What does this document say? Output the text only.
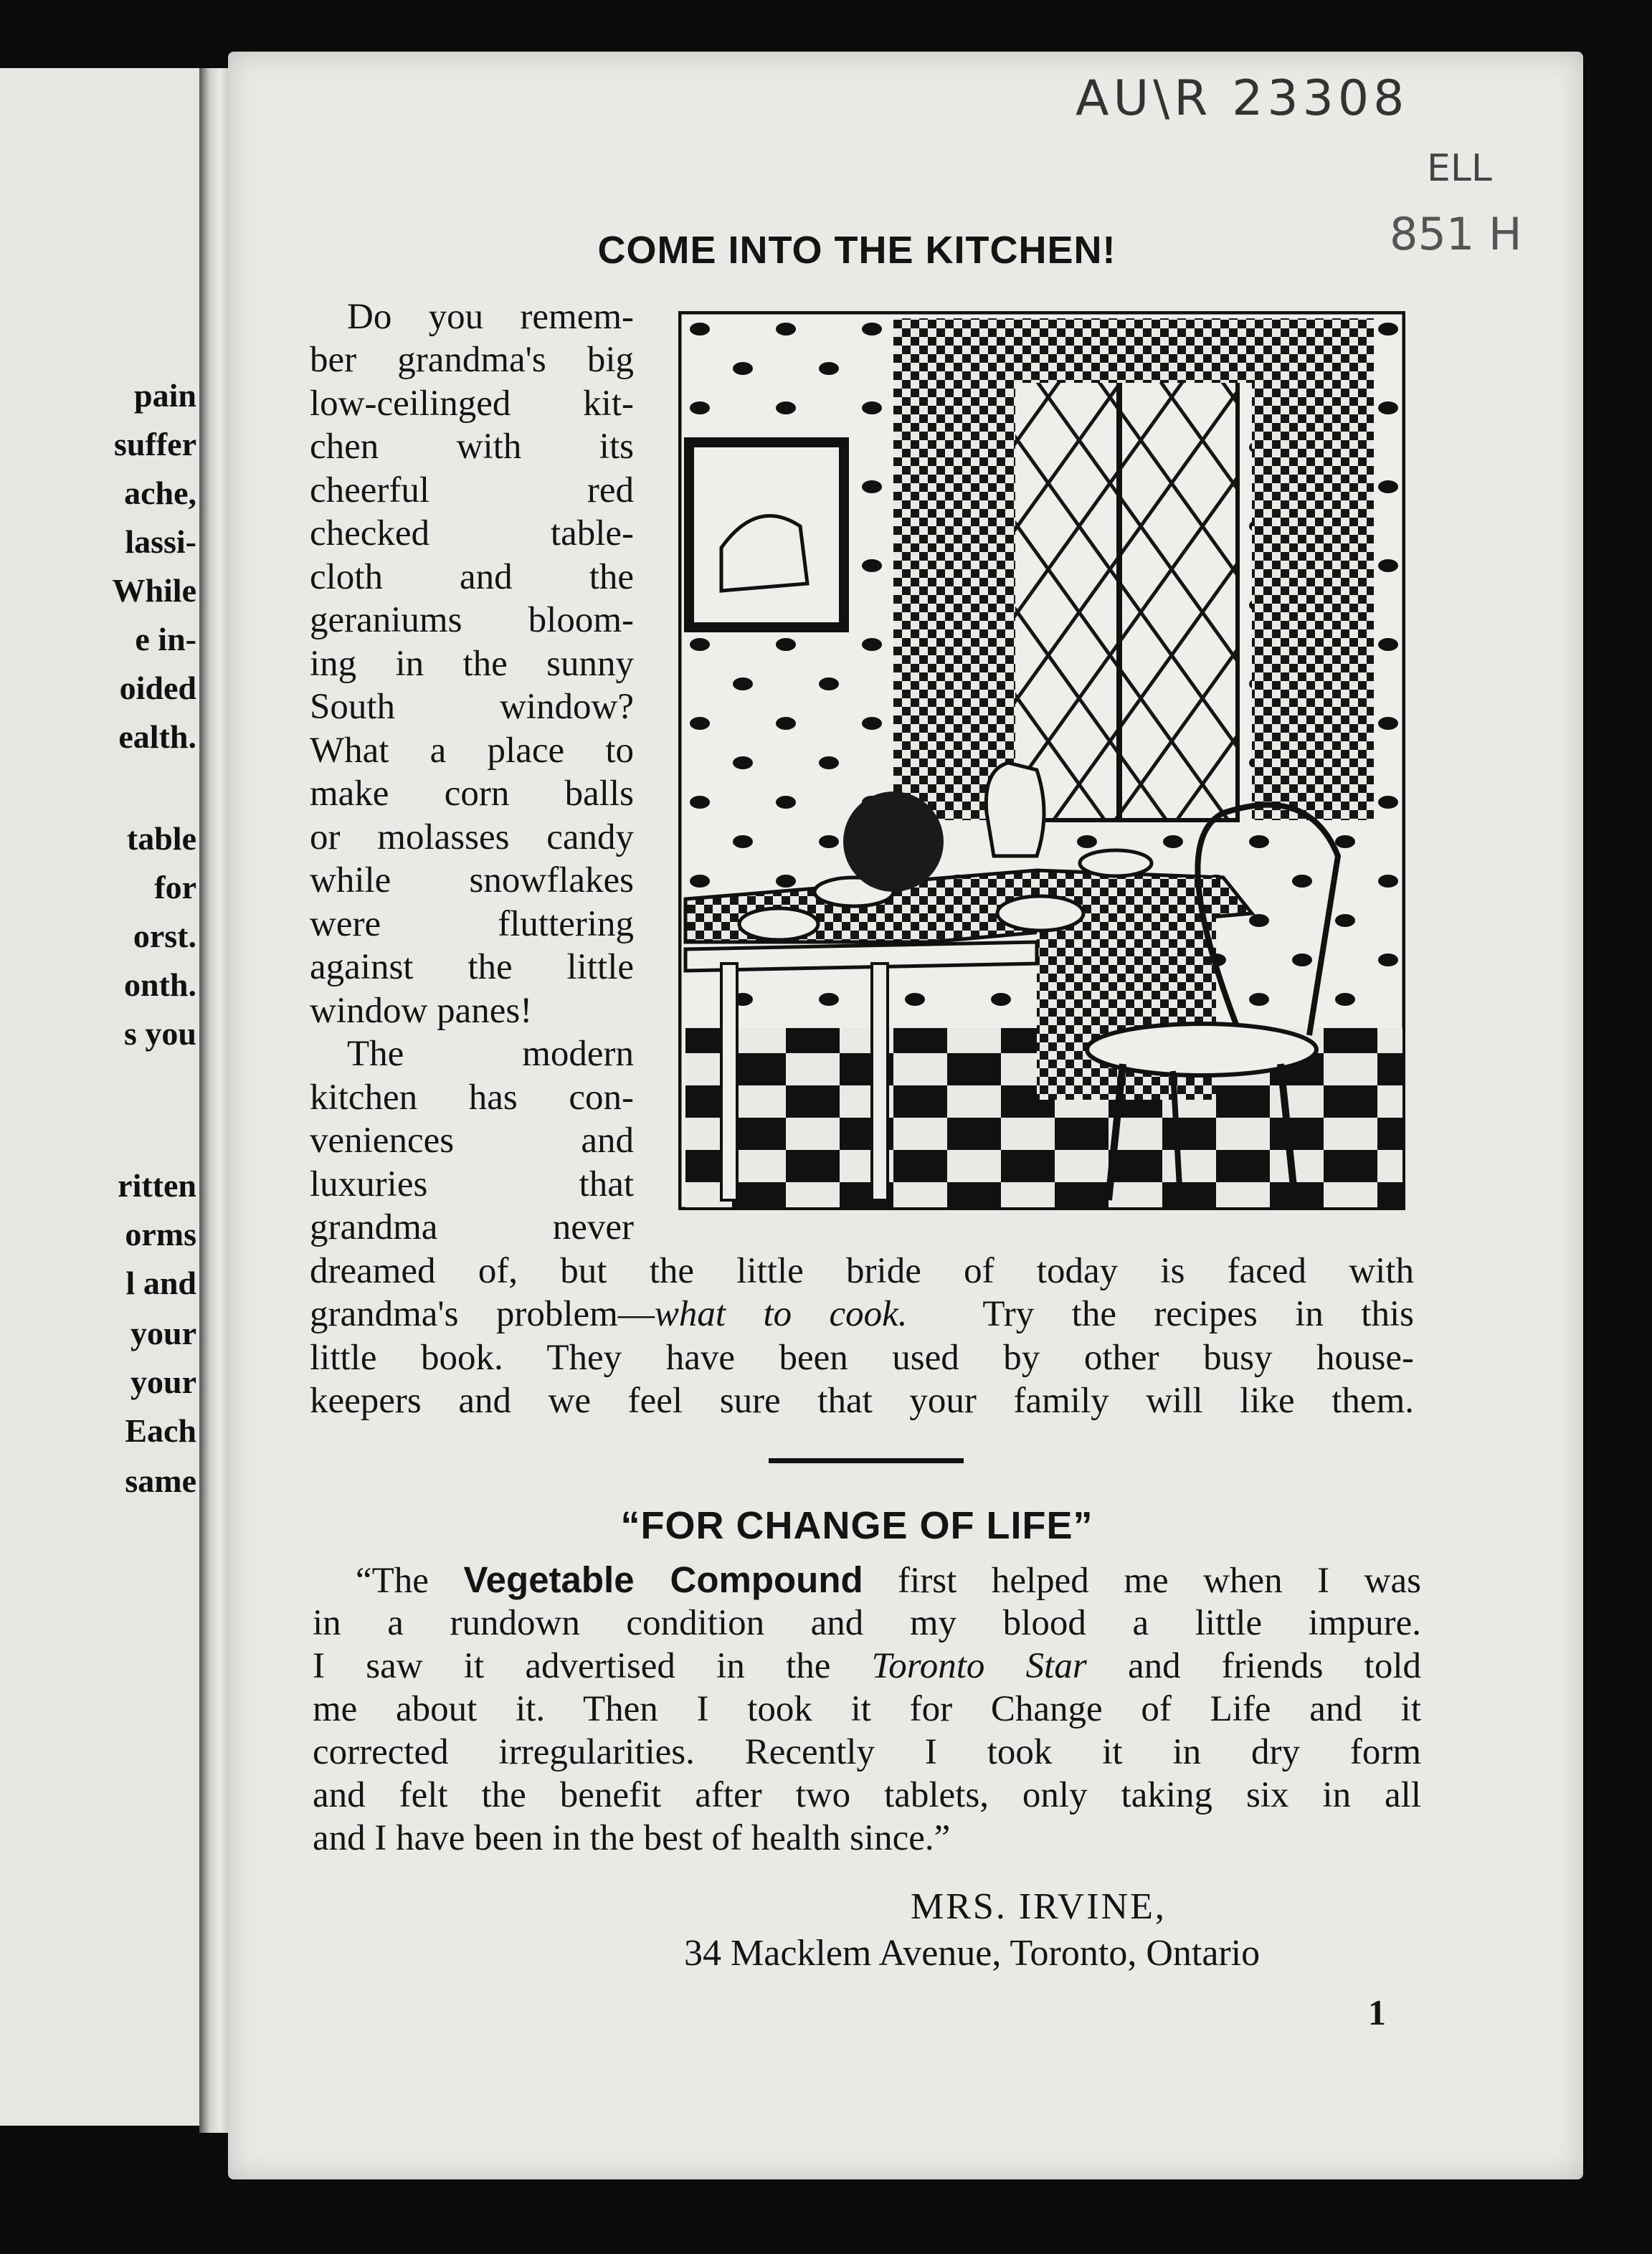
pain
suffer
ache,
lassi-
While
e in-
oided
ealth.
table
for
orst.
onth.
s you
ritten
orms
l and
your
your
Each
same
AU\R 23308
ELL
851 H
COME INTO THE KITCHEN!
Do you remem-
ber grandma's big
low-ceilinged kit-
chen with its
cheerful red
checked table-
cloth and the
geraniums bloom-
ing in the sunny
South window?
What a place to
make corn balls
or molasses candy
while snowflakes
were fluttering
against the little
window panes!
The modern
kitchen has con-
veniences and
luxuries that
grandma never
dreamed of, but the little bride of today is faced with
grandma's problem—what to cook. Try the recipes in this
little book. They have been used by other busy house-
keepers and we feel sure that your family will like them.
“FOR CHANGE OF LIFE”
“The Vegetable Compound first helped me when I was
in a rundown condition and my blood a little impure.
I saw it advertised in the Toronto Star and friends told
me about it. Then I took it for Change of Life and it
corrected irregularities. Recently I took it in dry form
and felt the benefit after two tablets, only taking six in all
and I have been in the best of health since.”
MRS. IRVINE,
34 Macklem Avenue, Toronto, Ontario
1
